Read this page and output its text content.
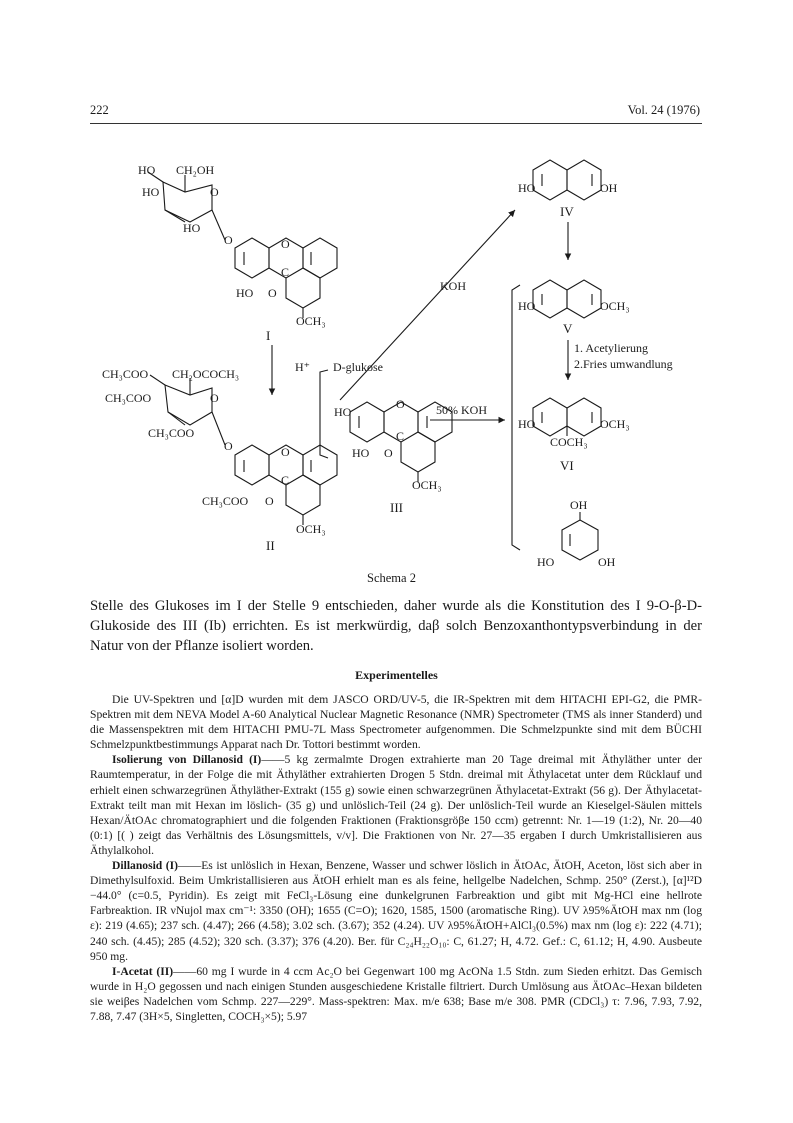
222	Vol. 24 (1976)
HO CH₂OH
HO	O
HO
O	O
C
HO O
OCH₃
I
CH₃COO CH₂OCOCH₃
CH₃COO	O
CH₃COO
O	O
C
CH₃COO O
OCH₃
II
H⁺ D-glukose
KOH
50% KOH
1. Acetylierung
2.Fries umwandlung
HO
O
C
HO O
OCH₃
III
HO	OH
IV
HO	OCH₃
V
HO	OCH₃
COCH₃
VI
OH
HO	OH
Schema 2

Stelle des Glukoses im I der Stelle 9 entschieden, daher wurde als die Konstitution des I 9-O-β-D-Glukoside des III (Ib) errichten. Es ist merkwürdig, daβ solch Benzoxanthontypsverbindung in der Natur von der Pflanze isoliert worden.

Experimentelles

Die UV-Spektren und [α]D wurden mit dem JASCO ORD/UV-5, die IR-Spektren mit dem HITACHI EPI-G2, die PMR-Spektren mit dem NEVA Model A-60 Analytical Nuclear Magnetic Resonance (NMR) Spectrometer (TMS als inner Standerd) und die Massenspektren mit dem HITACHI PMU-7L Mass Spectrometer aufgenommen. Die Schmelzpunkte sind mit dem BÜCHI Schmelzpunktbestimmungs Apparat nach Dr. Tottori bestimmt worden.

Isolierung von Dillanosid (I)——5 kg zermalmte Drogen extrahierte man 20 Tage dreimal mit Äthyläther unter der Raumtemperatur, in der Folge die mit Äthyläther extrahierten Drogen 5 Stdn. dreimal mit Äthylacetat unter dem Rücklauf und erhielt einen schwarzegrünen Äthyläther-Extrakt (155 g) sowie einen schwarzegrünen Äthylacetat-Extrakt (56 g). Der Äthylacetat-Extrakt teilt man mit Hexan im löslich- (35 g) und unlöslich-Teil (24 g). Der unlöslich-Teil wurde an Kieselgel-Säulen mittels Hexan/ÄtOAc chromatographiert und die folgenden Fraktionen (Fraktionsgröβe 150 ccm) getrennt: Nr. 1—19 (1:2), Nr. 20—40 (0:1) [( ) zeigt das Verhältnis des Lösungsmittels, v/v]. Die Fraktionen von Nr. 27—35 ergaben I durch Umkristallisieren aus Äthylalkohol.

Dillanosid (I)——Es ist unlöslich in Hexan, Benzene, Wasser und schwer löslich in ÄtOAc, ÄtOH, Aceton, löst sich aber in Dimethylsulfoxid. Beim Umkristallisieren aus ÄtOH erhielt man es als feine, hellgelbe Nadelchen, Schmp. 250° (Zerst.), [α]¹²D −44.0° (c=0.5, Pyridin). Es zeigt mit FeCl₃-Lösung eine dunkelgrunen Farbreaktion und gibt mit Mg-HCl eine hellrote Farbreaktion. IR νNujol max cm⁻¹: 3350 (OH); 1655 (C=O); 1620, 1585, 1500 (aromatische Ring). UV λ95%ÄtOH max nm (log ε): 219 (4.65); 237 sch. (4.47); 266 (4.58); 3.02 sch. (3.67); 352 (4.24). UV λ95%ÄtOH+AlCl₃(0.5%) max nm (log ε): 222 (4.71); 240 sch. (4.45); 285 (4.52); 320 sch. (3.37); 376 (4.20). Ber. für C₂₄H₂₂O₁₀: C, 61.27; H, 4.72. Gef.: C, 61.12; H, 4.90. Ausbeute 950 mg.

I-Acetat (II)——60 mg I wurde in 4 ccm Ac₂O bei Gegenwart 100 mg AcONa 1.5 Stdn. zum Sieden erhitzt. Das Gemisch wurde in H₂O gegossen und nach einigen Stunden ausgeschiedene Kristalle filtriert. Durch Umlösung aus ÄtOAc–Hexan bildeten sie weiβes Nadelchen vom Schmp. 227—229°. Mass-spektren: Max. m/e 638; Base m/e 308. PMR (CDCl₃) τ: 7.96, 7.93, 7.92, 7.88, 7.47 (3H×5, Singletten, COCH₃×5); 5.97
